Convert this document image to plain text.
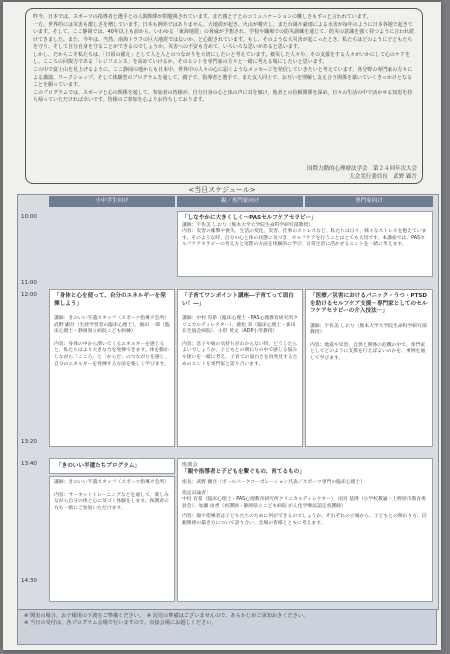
昨今、日本では、スポーツの指導者と選手との人間関係が問題視されています。また親と子とのコミュニケーションの難しさもずっと言われています。

一方、世界的には災害も激しさを増しています。日本も例外ではありません。大地震が起き、火山が噴火し、また台風や豪雨による水害が毎年のように日本各地で起きています。そして、ここ静岡では、40年以上も前から、いわゆる「東海地震」の脅威が予想され、学校や職場での防災訓練を通じて、防災の意識を強く持つように言われ続けてきました。また、今年は、当然、南海トラフの巨大地震ではないか、と心配されています。もし、そのような大災害が起こったとき、私たちはどのように子どもたちを守り、そして自分自身を守ることができるのでしょうか。災害への不安も含めて、いろいろな思いがあると思います。

しかし、だからこそ私たちは、「日頃の備え」として人と人とのつながりを大切にしたいと考えています。被災した人々や、その支援をする人々がいかにして心のケアをし、こころの回復力である「レジリエンス」を高めていけるか。そのヒントを専門家の方々と一緒に考える場にしたいと思います。

この中で富士山を見上げるように、ここ静岡の地からも日本中、世界中の人々の心に届くようなメッセージを発信していきたいと考えています。各分野の専門家の方々による講演、ワークショップ、そして体験型のプログラムを通して、親子で、指導者と選手で、また友人同士で、お互いを理解し支え合う関係を築いていくきっかけとなることを願っています。

このプログラムでは、スポーツと心の関係を通して、参加者の皆様が、自分自身の心と体の声に耳を傾け、他者との信頼関係を深め、日々の生活の中で活かせる知恵を持ち帰っていただければ幸いです。皆様のご参加を心よりお待ちしております。

国際力動的心理療法学会　第２４回年次大会
大会実行委員長　武野 顕吾
<当日スケジュール>
小中学生向け	親／専門家向け	専門家向け
10:00
11:00
12:00
13:20
13:40
14:30
「しなやかに大きくしく～PASセルフケアセラピー」

講師：宇佐美 しおり（熊本大学大学院生命科学研究部教授）

内容：災害の衝撃や喪失、生活の変化、災害、仕事のストレスなど、私たちは日々、様々なストレスを抱えています。そのような時、自分の心と体の状態に気づき、セルフケアを行うことはとても大切です。本講座では、PASセルフケアセラピーの考え方と実際の方法を体験的に学び、日常生活に活かせるヒントを一緒に考えます。

「身体と心を使って、自分のエネルギーを発揮しよう」

講師：きのいい半遺スタッフ（スポーツ指導ヲ会所）

武野 顕吾（生涯学習者の臨床心理士）、堀田 一郎（臨床心理士・静岡県立病院こども病棟）

内容：身体の中から湧いてくるエネルギーを感じると、私たちはより大きな力を発揮できます。体を動かしながら「こころ」と「からだ」のつながりを感じ、自分のエネルギーを発揮する方法を楽しく学びます。

「子育てワンポイント講座―子育てって面白い！―」

講師：中村 有希（臨床心理士・PAS心理教育研究所クリニカルディレクター）、鹿松 奈（臨床心理士・新田在宅協会病院）、小形 英文（ADP小形教授）

内容：息子や娘の気持ちがわからない時、どうしたらよいでしょうか。子どもとの関わりの中で感じる悩みや迷いを一緒に考え、子育ての面白さを再発見するためのヒントを専門家と語り合います。

「医療／災害におけるパニック・うつ・PTSDを助けるセルフケア支援－専門家としてのセルフケアセラピーの介入技法－」

講師：宇佐美 しおり（熊本大学大学院生命科学研究部教授）

内容：地震や災害、自然と関係の危機の中で、専門家としてどのように支援を行えばよいのかを、事例を通して学びます。

「きのいい半遺たちプログラム」

講師：きのいい半遺スタッフ（スポーツ指導ヲ会所）

内容：サーキットトレーニングなどを通して、楽しみながら自分の体と心に気づく体験をします。保護者の方も一緒にご参加いただけます。

座談会
「親や指導者と子どもを繋ぐもの、育てるもの」

座長：武野 顕吾（ボールパークコーポレーション代表／スポーツ専門の臨床心理士）

指定討論者：

中村 有希（臨床心理士・PAS心理教育研究所クリニカルディレクター）、雨宮 基博（小学校教諭・上野原市教育委員会）、加藤 由香（看護師・静岡県立こども病院 がん化学療法認定看護師）

内容：親や指導者は子どもたちのために何ができるのでしょうか。それぞれの立場から、子どもとの関わり方、信頼関係の築き方について語り合い、会場の皆様とともに考えます。

※ 開実の場合、お子様用の下渡をご準備ください。　※ 託児の準備はございませんので、あらかじめご承知おきください。
※ 当日の受付は、各プログラム会場で行いますので、直接会場にお越しください。
